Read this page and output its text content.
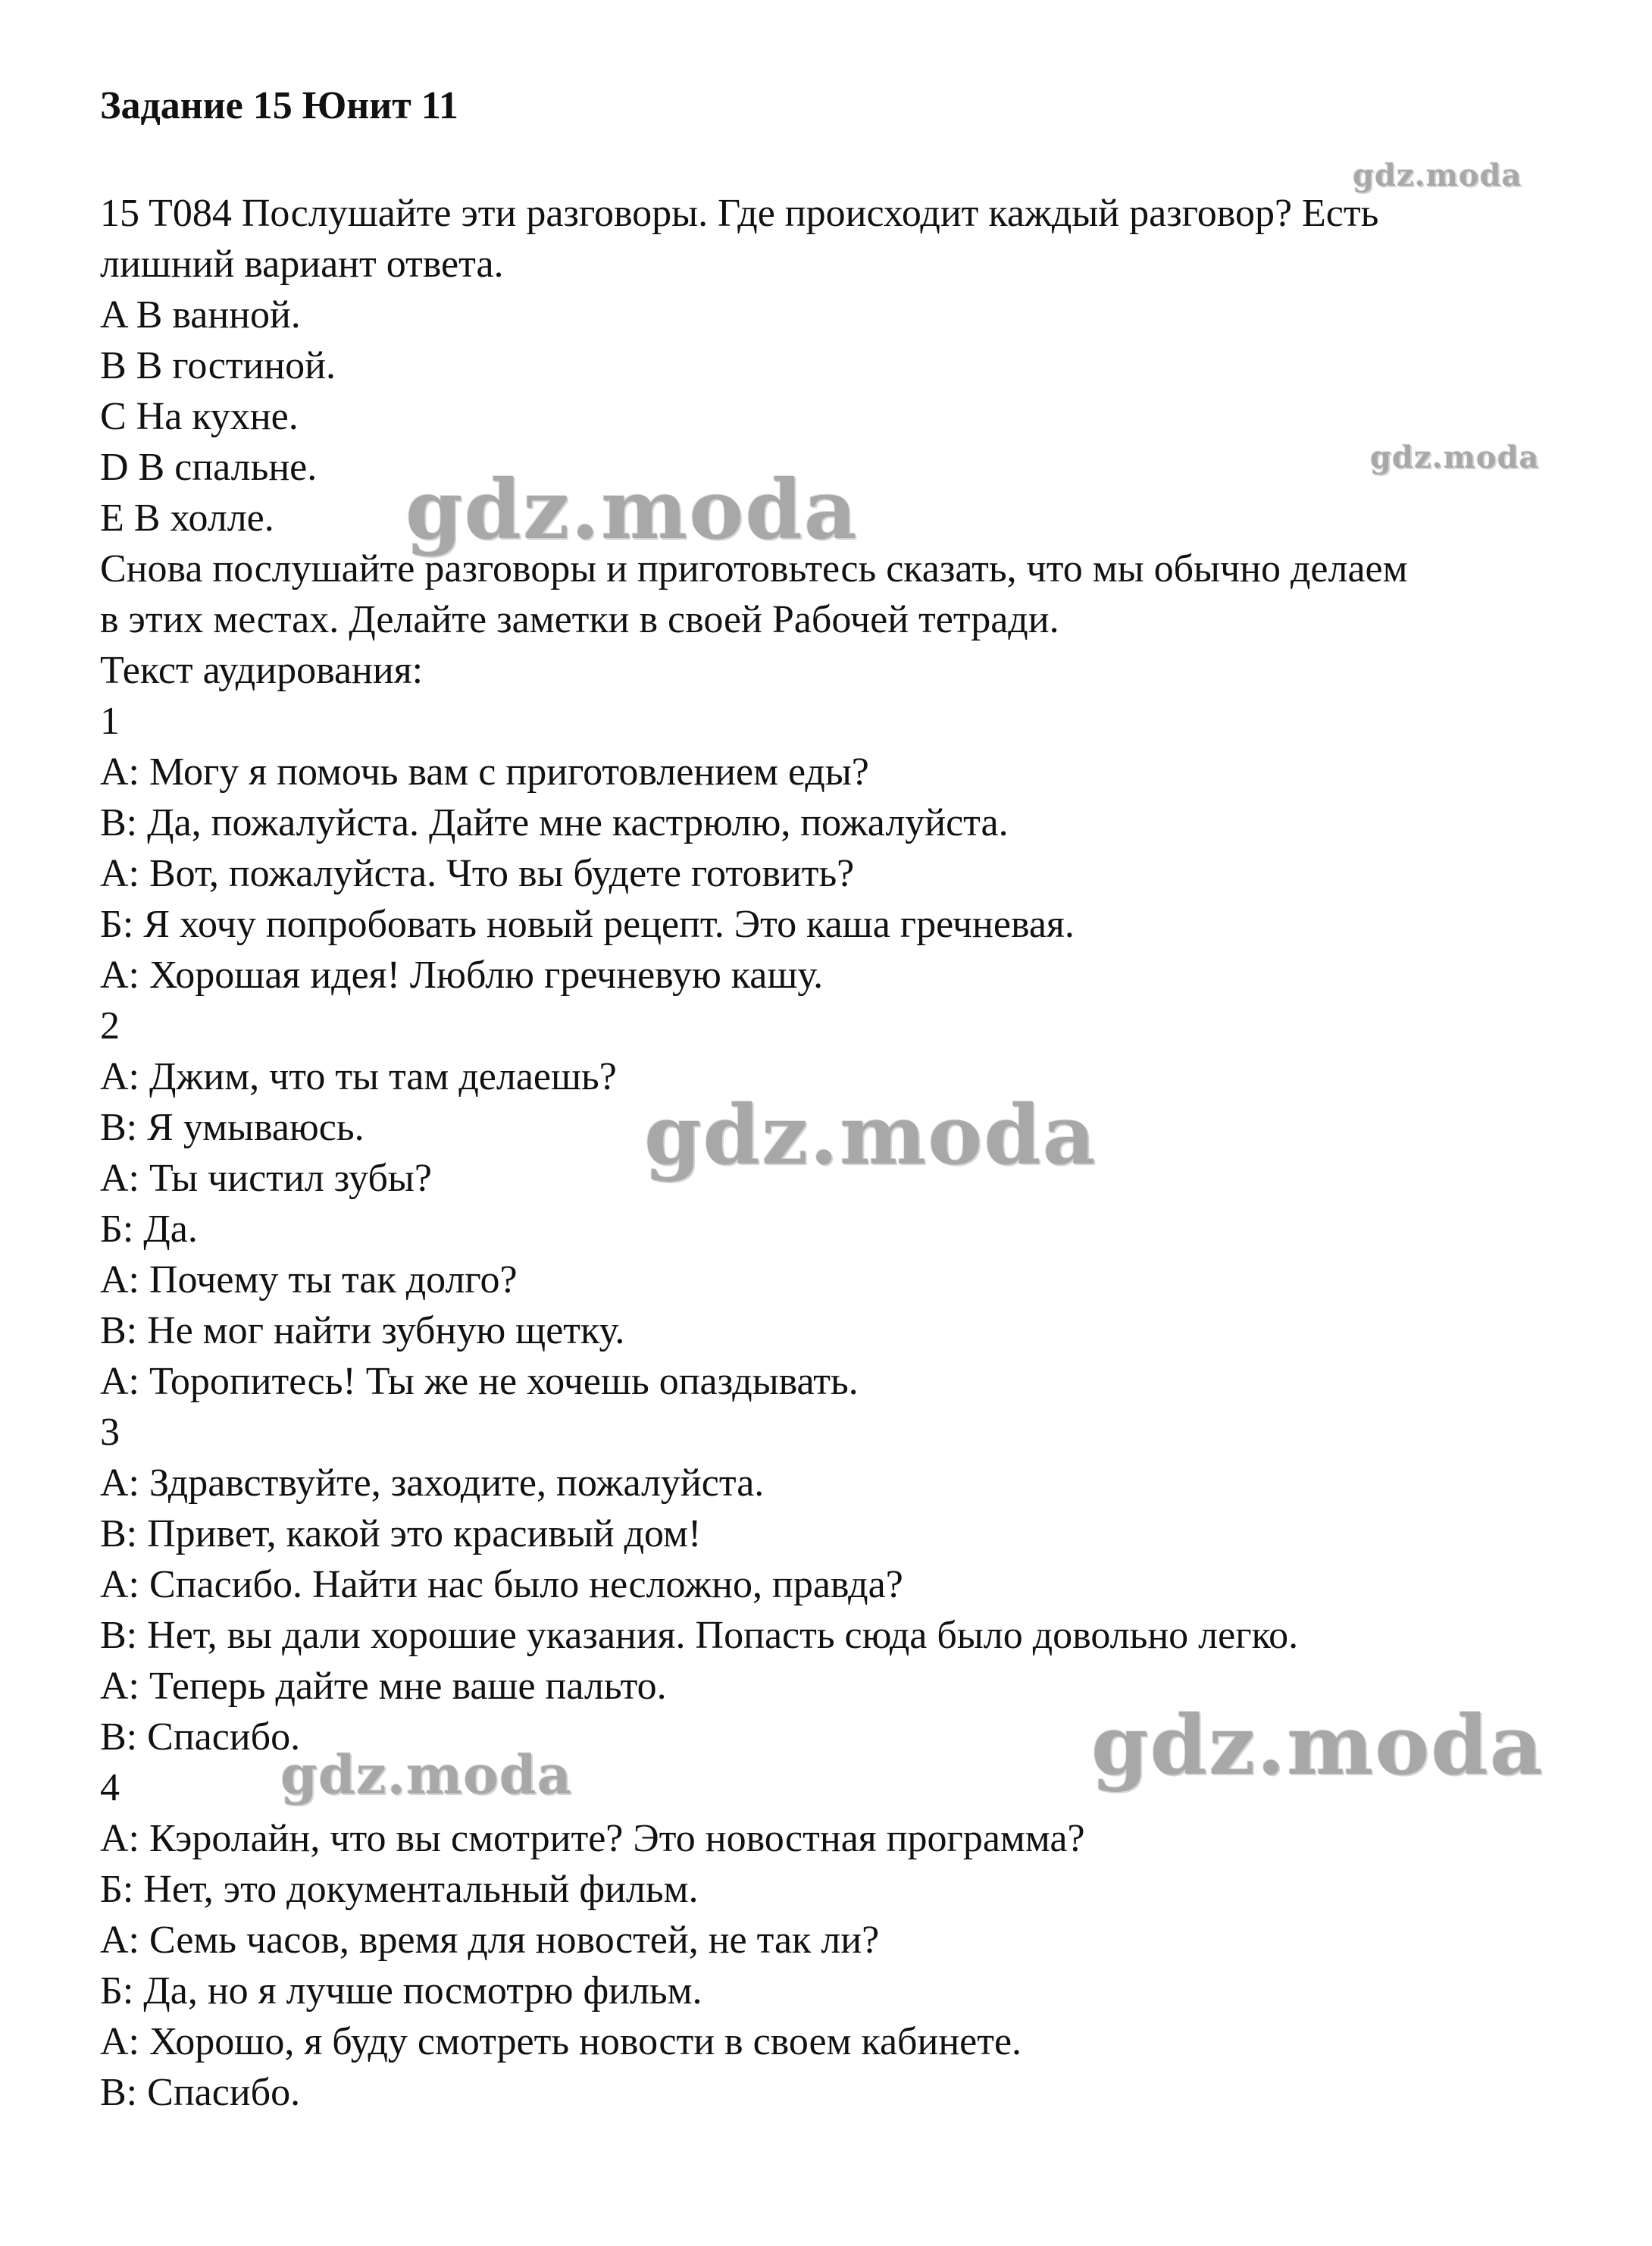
Задание 15 Юнит 11
15 T084 Послушайте эти разговоры. Где происходит каждый разговор? Есть
лишний вариант ответа.
A В ванной.
B В гостиной.
C На кухне.
D В спальне.
E В холле.
Снова послушайте разговоры и приготовьтесь сказать, что мы обычно делаем
в этих местах. Делайте заметки в своей Рабочей тетради.
Текст аудирования:
1
A: Могу я помочь вам с приготовлением еды?
B: Да, пожалуйста. Дайте мне кастрюлю, пожалуйста.
A: Вот, пожалуйста. Что вы будете готовить?
Б: Я хочу попробовать новый рецепт. Это каша гречневая.
A: Хорошая идея! Люблю гречневую кашу.
2
A: Джим, что ты там делаешь?
B: Я умываюсь.
A: Ты чистил зубы?
Б: Да.
A: Почему ты так долго?
B: Не мог найти зубную щетку.
A: Торопитесь! Ты же не хочешь опаздывать.
3
A: Здравствуйте, заходите, пожалуйста.
B: Привет, какой это красивый дом!
A: Спасибо. Найти нас было несложно, правда?
B: Нет, вы дали хорошие указания. Попасть сюда было довольно легко.
A: Теперь дайте мне ваше пальто.
B: Спасибо.
4
A: Кэролайн, что вы смотрите? Это новостная программа?
Б: Нет, это документальный фильм.
A: Семь часов, время для новостей, не так ли?
Б: Да, но я лучше посмотрю фильм.
A: Хорошо, я буду смотреть новости в своем кабинете.
B: Спасибо.
gdz.moda
gdz.moda
gdz.moda
gdz.moda
gdz.moda
gdz.moda
